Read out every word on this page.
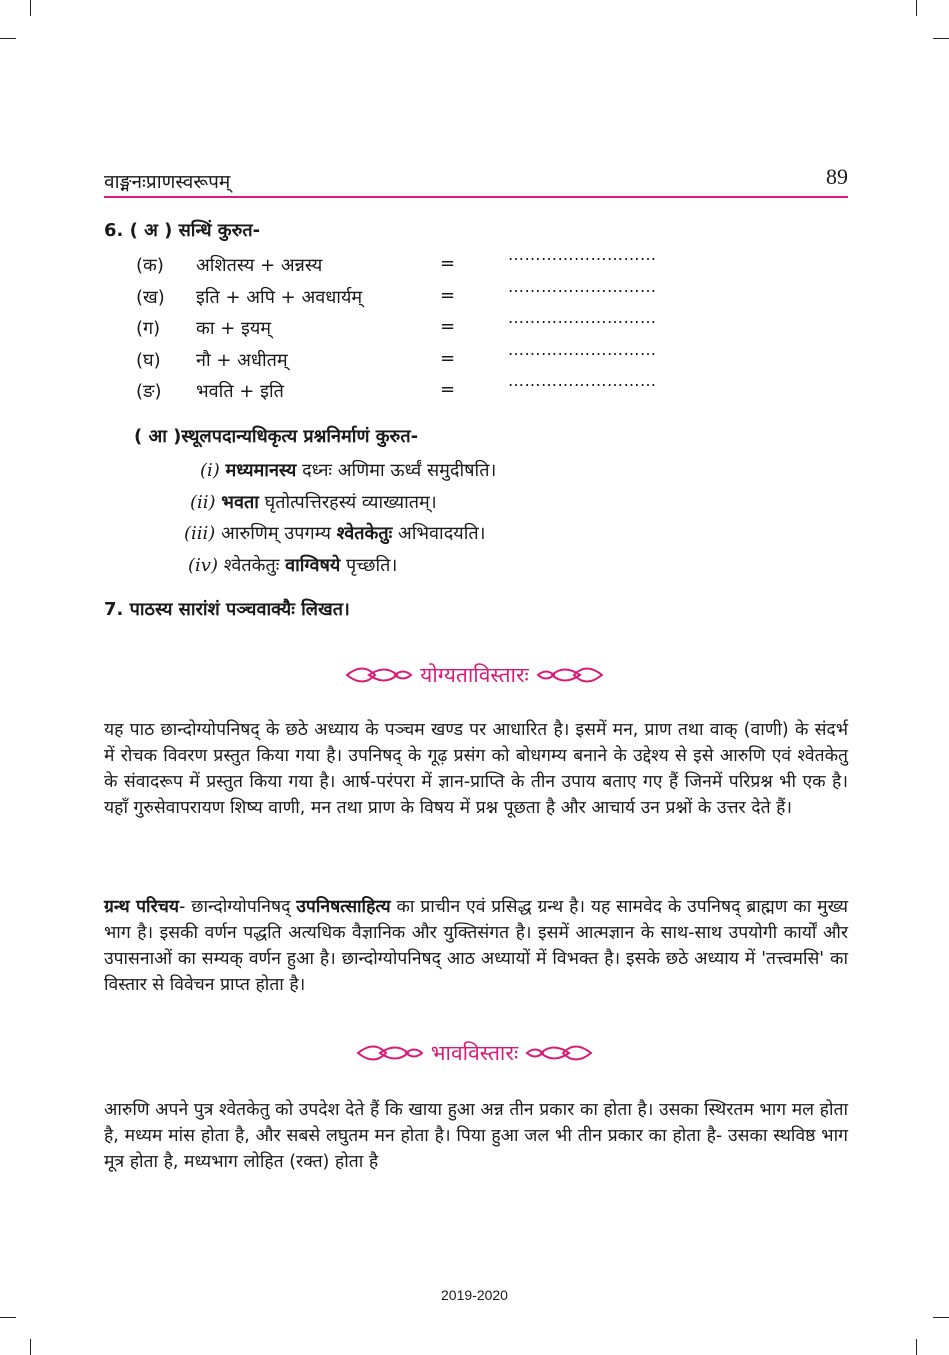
वाङ्मनःप्राणस्वरूपम्	89
6. ( अ ) सन्धिं कुरुत-
(क) अशितस्य + अन्नस्य	=	………………………
(ख) इति + अपि + अवधार्यम्	=	………………………
(ग) का + इयम्	=	………………………
(घ) नौ + अधीतम्	=	………………………
(ङ) भवति + इति	=	………………………
( आ )स्थूलपदान्यधिकृत्य प्रश्ननिर्माणं कुरुत-
(i) मध्यमानस्य दध्नः अणिमा ऊर्ध्वं समुदीषति।
(ii) भवता घृतोत्पत्तिरहस्यं व्याख्यातम्।
(iii) आरुणिम् उपगम्य श्वेतकेतुः अभिवादयति।
(iv) श्वेतकेतुः वाग्विषये पृच्छति।
7. पाठस्य सारांशं पञ्चवाक्यैः लिखत।
योग्यताविस्तारः
यह पाठ छान्दोग्योपनिषद् के छठे अध्याय के पञ्चम खण्ड पर आधारित है। इसमें मन, प्राण तथा वाक् (वाणी) के संदर्भ में रोचक विवरण प्रस्तुत किया गया है। उपनिषद् के गूढ़ प्रसंग को बोधगम्य बनाने के उद्देश्य से इसे आरुणि एवं श्वेतकेतु के संवादरूप में प्रस्तुत किया गया है। आर्ष-परंपरा में ज्ञान-प्राप्ति के तीन उपाय बताए गए हैं जिनमें परिप्रश्न भी एक है। यहाँ गुरुसेवापरायण शिष्य वाणी, मन तथा प्राण के विषय में प्रश्न पूछता है और आचार्य उन प्रश्नों के उत्तर देते हैं।
ग्रन्थ परिचय- छान्दोग्योपनिषद् उपनिषत्साहित्य का प्राचीन एवं प्रसिद्ध ग्रन्थ है। यह सामवेद के उपनिषद् ब्राह्मण का मुख्य भाग है। इसकी वर्णन पद्धति अत्यधिक वैज्ञानिक और युक्तिसंगत है। इसमें आत्मज्ञान के साथ-साथ उपयोगी कार्यों और उपासनाओं का सम्यक् वर्णन हुआ है। छान्दोग्योपनिषद् आठ अध्यायों में विभक्त है। इसके छठे अध्याय में 'तत्त्वमसि' का विस्तार से विवेचन प्राप्त होता है।
भावविस्तारः
आरुणि अपने पुत्र श्वेतकेतु को उपदेश देते हैं कि खाया हुआ अन्न तीन प्रकार का होता है। उसका स्थिरतम भाग मल होता है, मध्यम मांस होता है, और सबसे लघुतम मन होता है। पिया हुआ जल भी तीन प्रकार का होता है- उसका स्थविष्ठ भाग मूत्र होता है, मध्यभाग लोहित (रक्त) होता है
2019-2020
